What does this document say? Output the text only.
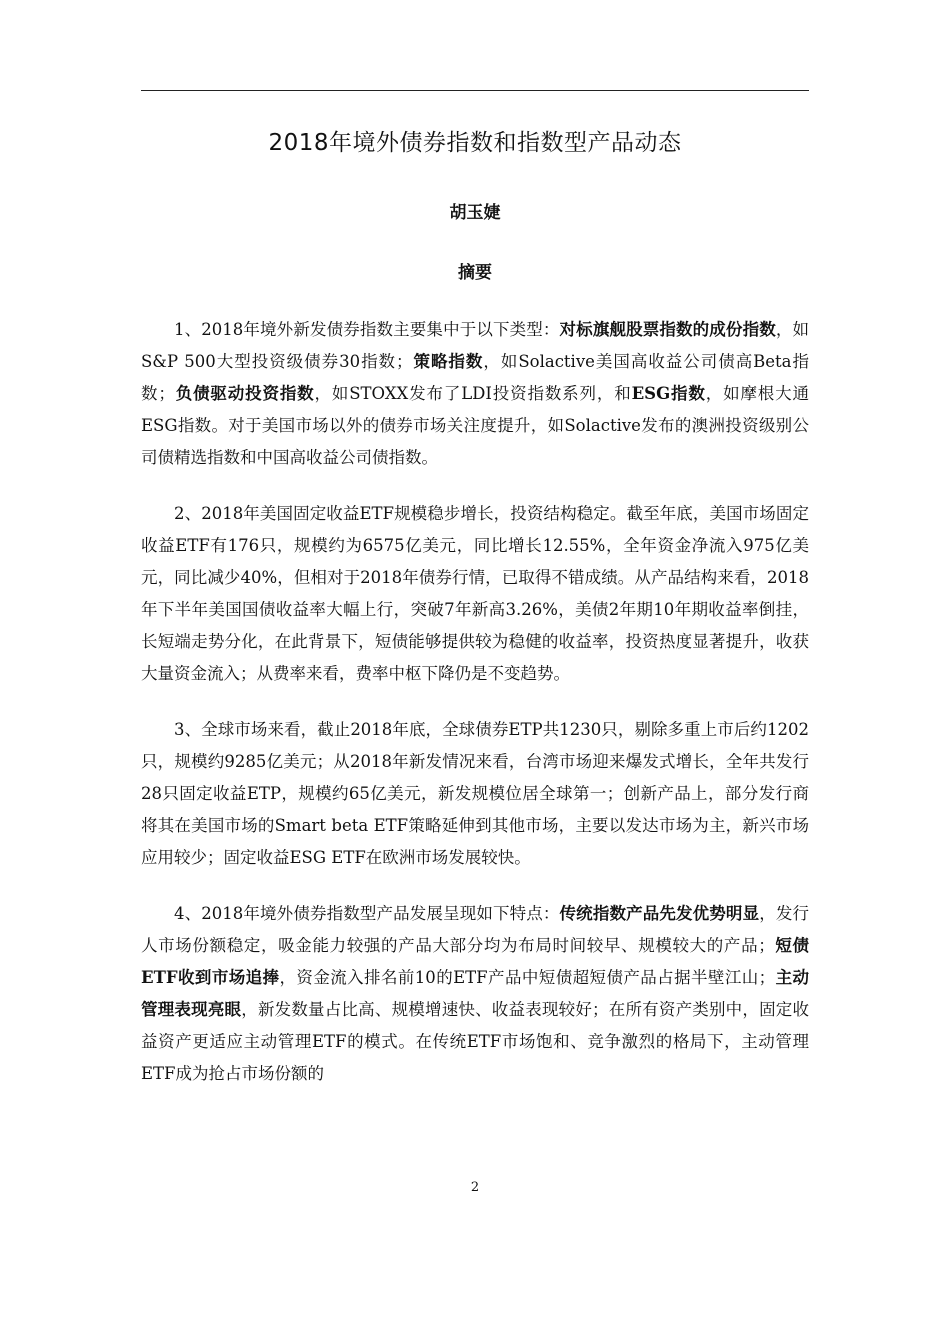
2018年境外债券指数和指数型产品动态
胡玉婕
摘要

1、2018年境外新发债券指数主要集中于以下类型：对标旗舰股票指数的成份指数，如S&P 500大型投资级债券30指数；策略指数，如Solactive美国高收益公司债高Beta指数；负债驱动投资指数，如STOXX发布了LDI投资指数系列，和ESG指数，如摩根大通ESG指数。对于美国市场以外的债券市场关注度提升，如Solactive发布的澳洲投资级别公司债精选指数和中国高收益公司债指数。

2、2018年美国固定收益ETF规模稳步增长，投资结构稳定。截至年底，美国市场固定收益ETF有176只，规模约为6575亿美元，同比增长12.55%，全年资金净流入975亿美元，同比减少40%，但相对于2018年债券行情，已取得不错成绩。从产品结构来看，2018年下半年美国国债收益率大幅上行，突破7年新高3.26%，美债2年期10年期收益率倒挂，长短端走势分化，在此背景下，短债能够提供较为稳健的收益率，投资热度显著提升，收获大量资金流入；从费率来看，费率中枢下降仍是不变趋势。

3、全球市场来看，截止2018年底，全球债券ETP共1230只，剔除多重上市后约1202只，规模约9285亿美元；从2018年新发情况来看，台湾市场迎来爆发式增长，全年共发行28只固定收益ETP，规模约65亿美元，新发规模位居全球第一；创新产品上，部分发行商将其在美国市场的Smart beta ETF策略延伸到其他市场，主要以发达市场为主，新兴市场应用较少；固定收益ESG ETF在欧洲市场发展较快。

4、2018年境外债券指数型产品发展呈现如下特点：传统指数产品先发优势明显，发行人市场份额稳定，吸金能力较强的产品大部分均为布局时间较早、规模较大的产品；短债ETF收到市场追捧，资金流入排名前10的ETF产品中短债超短债产品占据半壁江山；主动管理表现亮眼，新发数量占比高、规模增速快、收益表现较好；在所有资产类别中，固定收益资产更适应主动管理ETF的模式。在传统ETF市场饱和、竞争激烈的格局下，主动管理ETF成为抢占市场份额的

2
